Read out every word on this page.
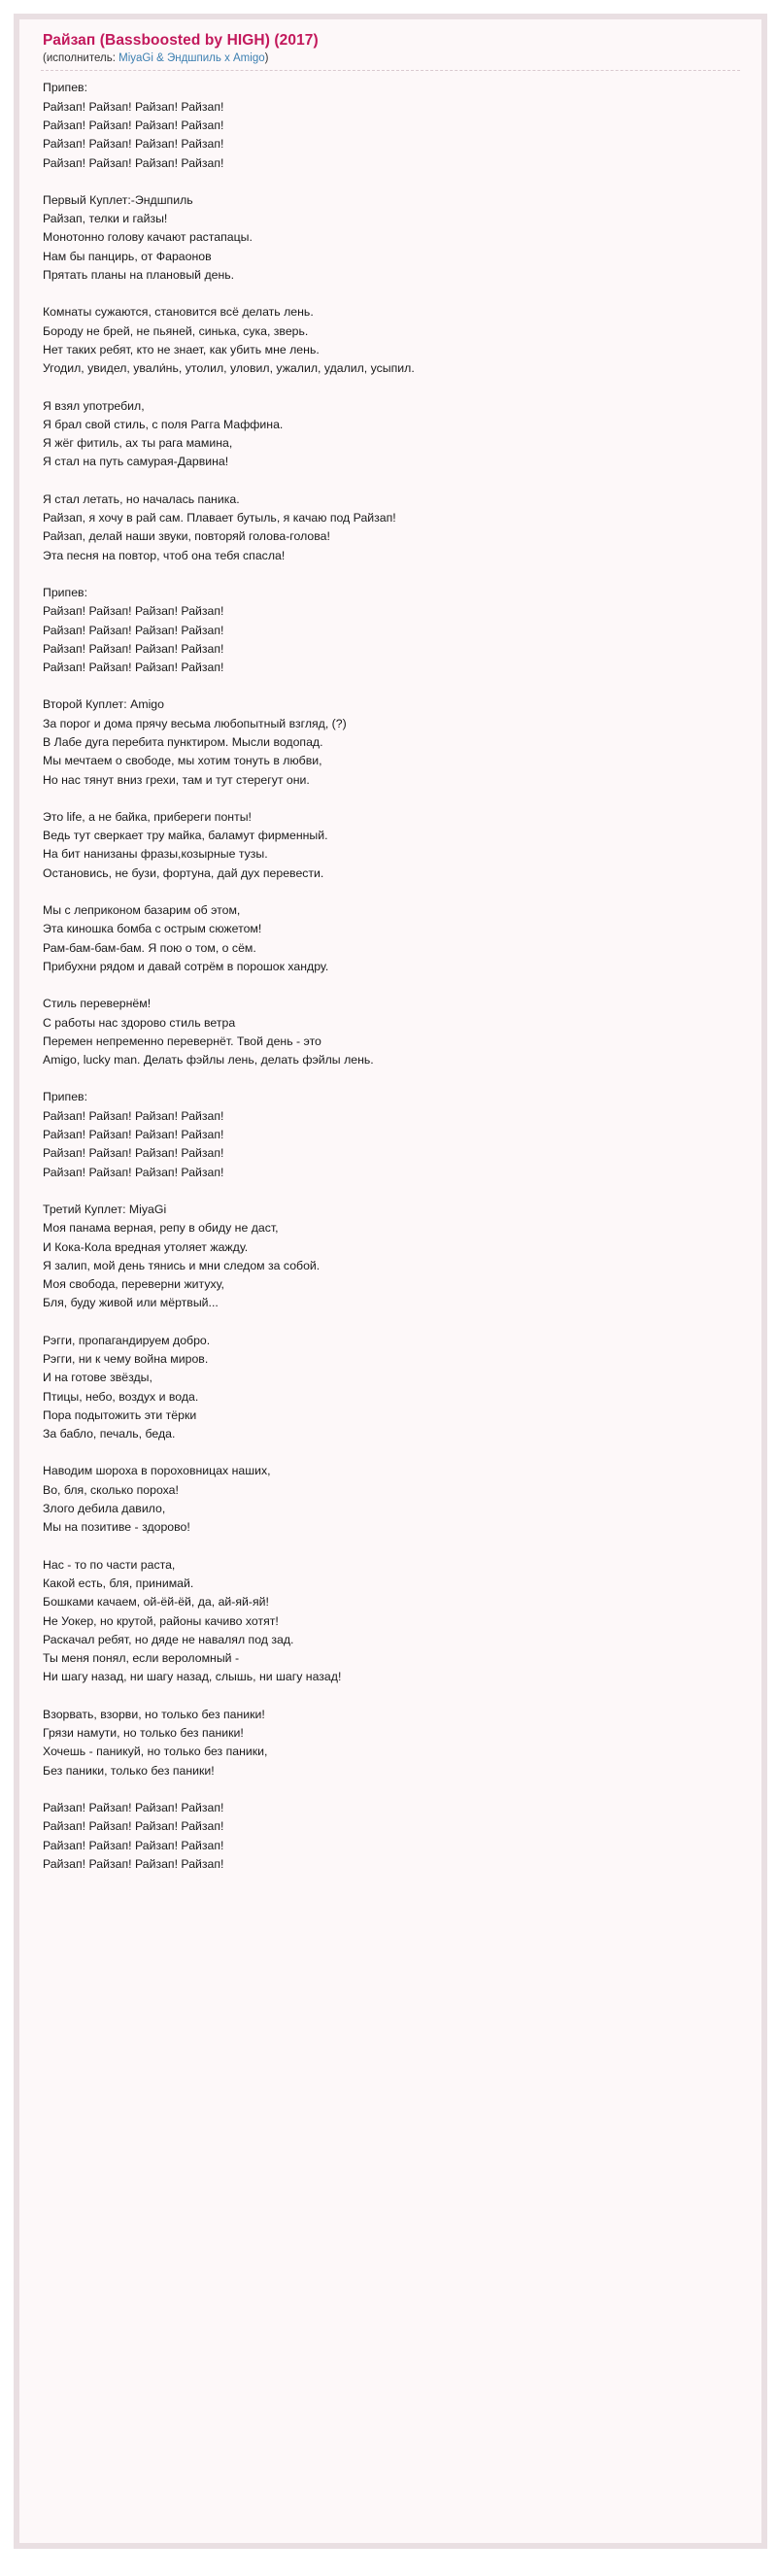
Райзап (Bassboosted by HIGH) (2017)
(исполнитель: MiyaGi & Эндшпиль х Amigo)
Припев:
Райзап! Райзап! Райзап! Райзап!
Райзап! Райзап! Райзап! Райзап!
Райзап! Райзап! Райзап! Райзап!
Райзап! Райзап! Райзап! Райзап!
Первый Куплет:-Эндшпиль
Райзап, телки и гайзы!
Монотонно голову качают растапацы.
Нам бы панцирь, от Фараонов
Прятать планы на плановый день.
Комнаты сужаются, становится всё делать лень.
Бороду не брей, не пьяней, синька, сука, зверь.
Нет таких ребят, кто не знает, как убить мне лень.
Угодил, увидел, ували́нь, утолил, уловил, ужалил, удалил, усыпил.
Я взял употребил,
Я брал свой стиль, с поля Рагга Маффина.
Я жёг фитиль, ах ты рага мамина,
Я стал на путь самурая-Дарвина!
Я стал летать, но началась паника.
Райзап, я хочу в рай сам. Плавает бутыль, я качаю под Райзап!
Райзап, делай наши звуки, повторяй голова-голова!
Эта песня на повтор, чтоб она тебя спасла!
Припев:
Райзап! Райзап! Райзап! Райзап!
Райзап! Райзап! Райзап! Райзап!
Райзап! Райзап! Райзап! Райзап!
Райзап! Райзап! Райзап! Райзап!
Второй Куплет: Amigo
За порог и дома прячу весьма любопытный взгляд, (?)
В Лабе дуга перебита пунктиром. Мысли водопад.
Мы мечтаем о свободе, мы хотим тонуть в любви,
Но нас тянут вниз грехи, там и тут стерегут они.
Это life, а не байка, прибереги понты!
Ведь тут сверкает тру майка, баламут фирменный.
На бит нанизаны фразы,козырные тузы.
Остановись, не бузи, фортуна, дай дух перевести.
Мы с леприконом базарим об этом,
Эта киношка бомба с острым сюжетом!
Рам-бам-бам-бам. Я пою о том, о сём.
Прибухни рядом и давай сотрём в порошок хандру.
Стиль перевернём!
С работы нас здорово стиль ветра
Перемен непременно перевернёт. Твой день - это
Amigo, lucky man. Делать фэйлы лень, делать фэйлы лень.
Припев:
Райзап! Райзап! Райзап! Райзап!
Райзап! Райзап! Райзап! Райзап!
Райзап! Райзап! Райзап! Райзап!
Райзап! Райзап! Райзап! Райзап!
Третий Куплет: MiyaGi
Моя панама верная, репу в обиду не даст,
И Кока-Кола вредная утоляет жажду.
Я залип, мой день тянись и мни следом за собой.
Моя свобода, переверни житуху,
Бля, буду живой или мёртвый...
Рэгги, пропагандируем добро.
Рэгги, ни к чему война миров.
И на готове звёзды,
Птицы, небо, воздух и вода.
Пора подытожить эти тёрки
За бабло, печаль, беда.
Наводим шороха в пороховницах наших,
Во, бля, сколько пороха!
Злого дебила давило,
Мы на позитиве - здорово!
Нас - то по части раста,
Какой есть, бля, принимай.
Бошками качаем, ой-ёй-ёй, да, ай-яй-яй!
Не Уокер, но крутой, районы качиво хотят!
Раскачал ребят, но дяде не навалял под зад.
Ты меня понял, если вероломный -
Ни шагу назад, ни шагу назад, слышь, ни шагу назад!
Взорвать, взорви, но только без паники!
Грязи намути, но только без паники!
Хочешь - паникуй, но только без паники,
Без паники, только без паники!
Райзап! Райзап! Райзап! Райзап!
Райзап! Райзап! Райзап! Райзап!
Райзап! Райзап! Райзап! Райзап!
Райзап! Райзап! Райзап! Райзап!
